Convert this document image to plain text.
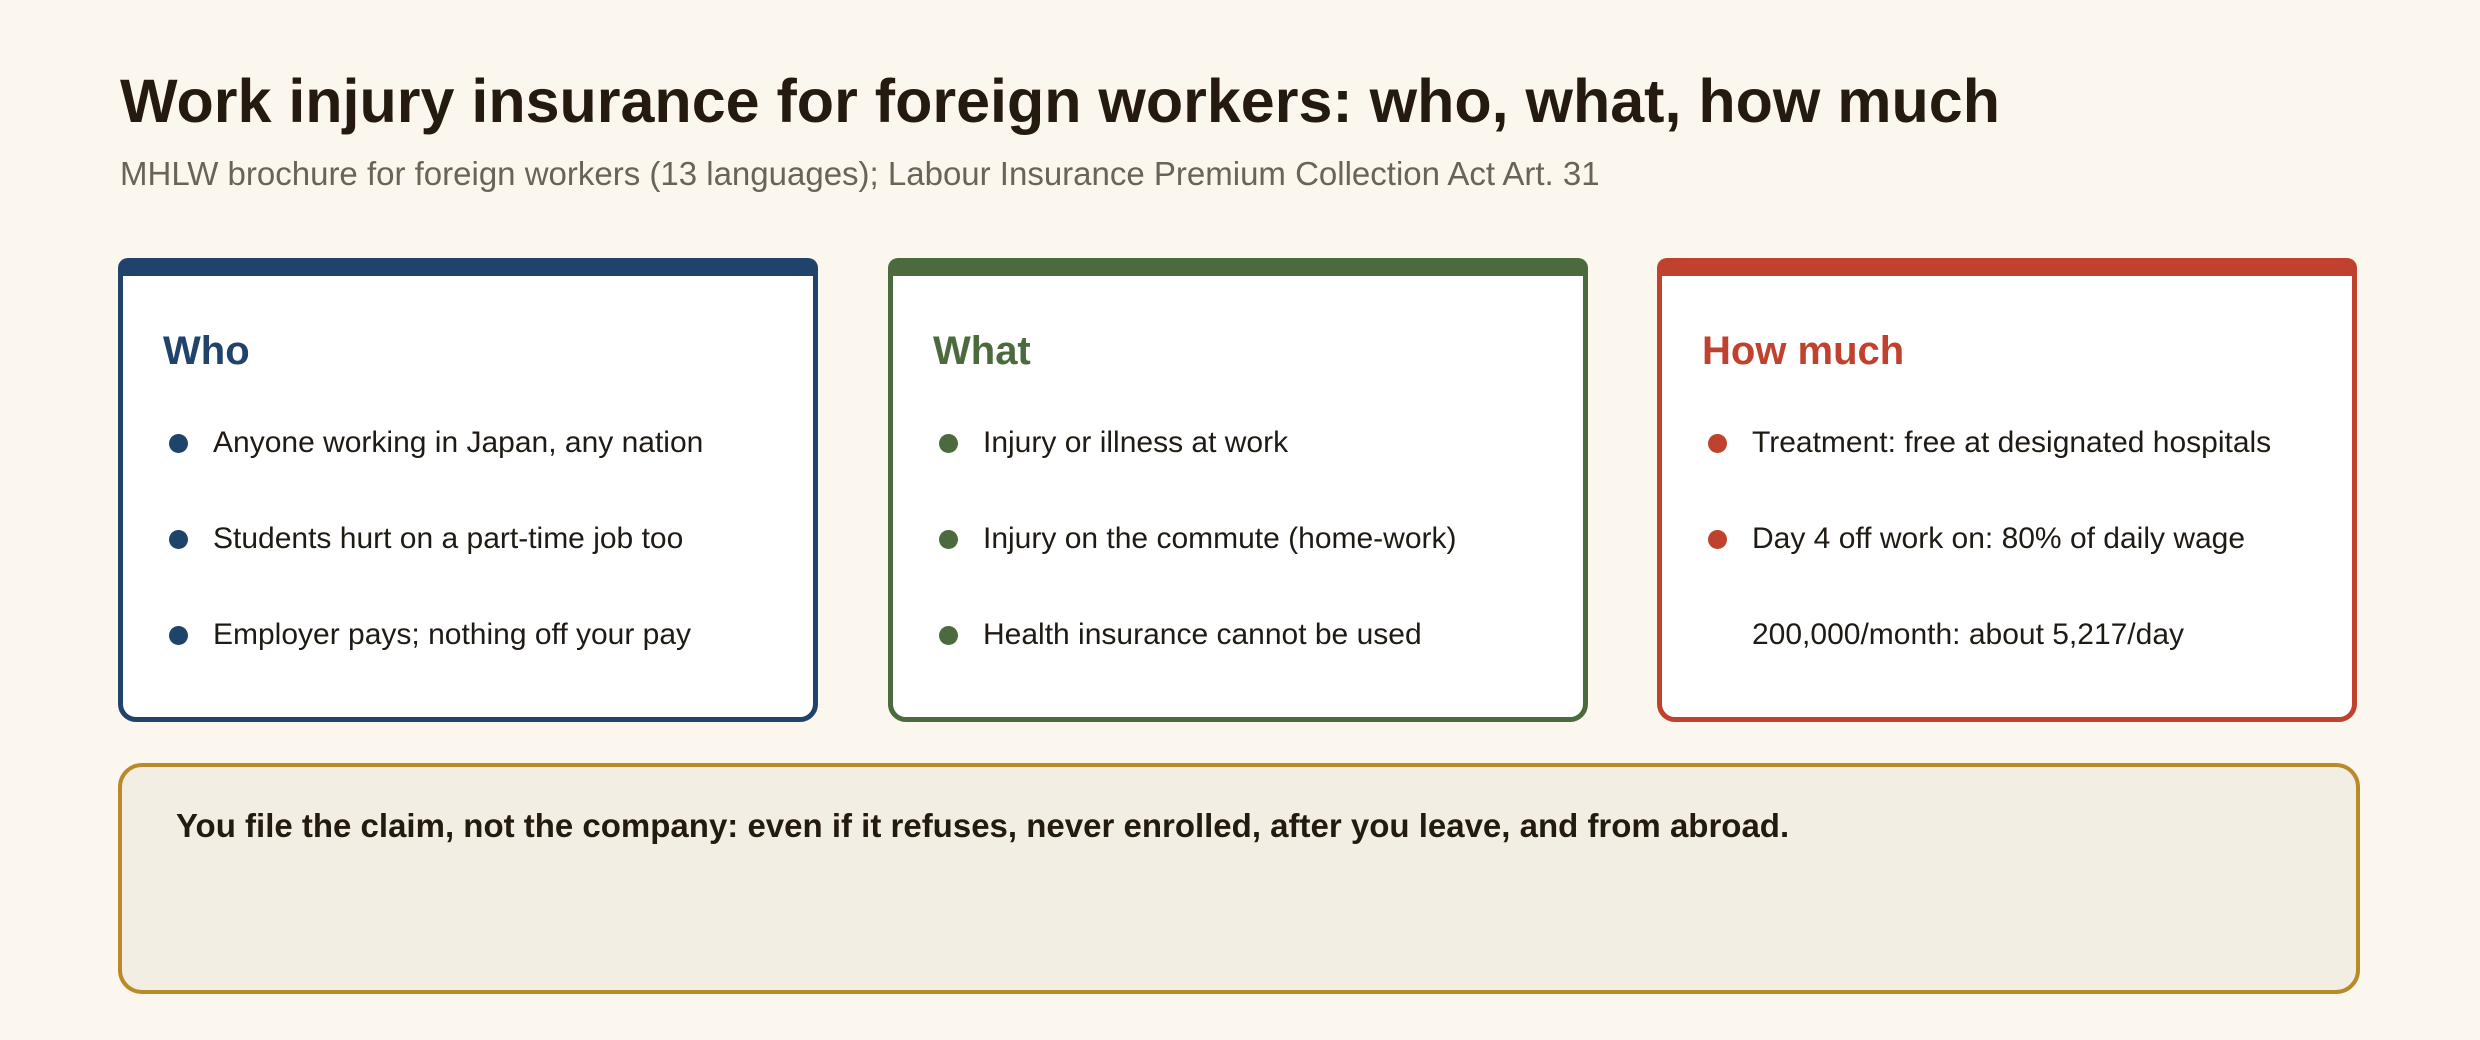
Work injury insurance for foreign workers: who, what, how much

MHLW brochure for foreign workers (13 languages); Labour Insurance Premium Collection Act Art. 31

Who
Anyone working in Japan, any nation
Students hurt on a part-time job too
Employer pays; nothing off your pay
What
Injury or illness at work
Injury on the commute (home-work)
Health insurance cannot be used
How much
Treatment: free at designated hospitals
Day 4 off work on: 80% of daily wage
200,000/month: about 5,217/day

You file the claim, not the company: even if it refuses, never enrolled, after you leave, and from abroad.
